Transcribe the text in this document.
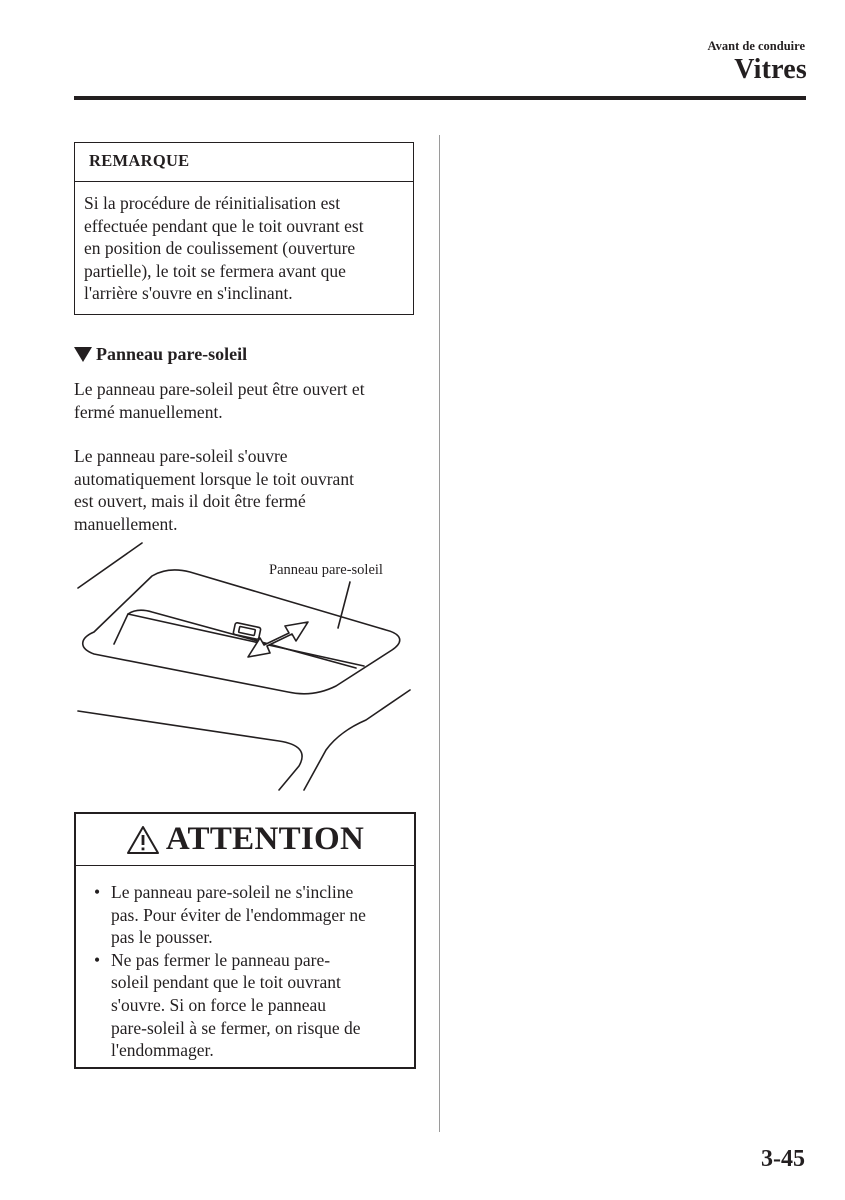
Avant de conduire
Vitres
REMARQUE
Si la procédure de réinitialisation est
effectuée pendant que le toit ouvrant est
en position de coulissement (ouverture
partielle), le toit se fermera avant que
l'arrière s'ouvre en s'inclinant.
Panneau pare-soleil
Le panneau pare-soleil peut être ouvert et
fermé manuellement.
Le panneau pare-soleil s'ouvre
automatiquement lorsque le toit ouvrant
est ouvert, mais il doit être fermé
manuellement.
Panneau pare-soleil
ATTENTION
• Le panneau pare-soleil ne s'incline
pas. Pour éviter de l'endommager ne
pas le pousser.
• Ne pas fermer le panneau pare-
soleil pendant que le toit ouvrant
s'ouvre. Si on force le panneau
pare-soleil à se fermer, on risque de
l'endommager.
3-45
